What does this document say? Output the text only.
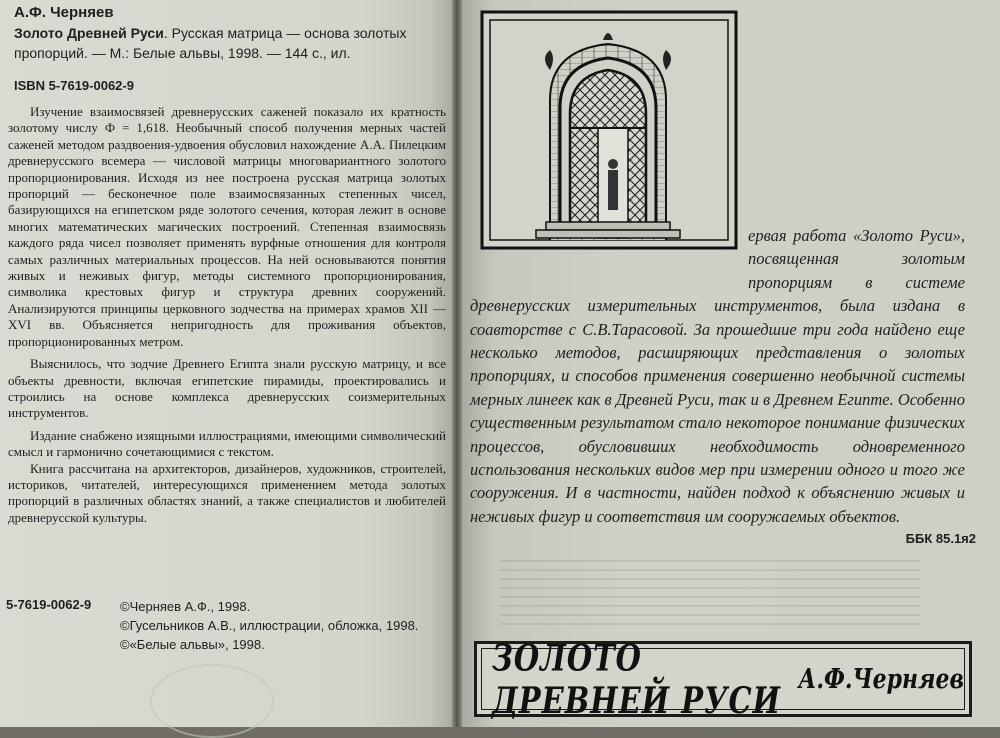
А.Ф. Черняев

Золото Древней Руси. Русская матрица — основа золотых пропорций. — М.: Белые альвы, 1998. — 144 с., ил.

ISBN 5-7619-0062-9

Изучение взаимосвязей древнерусских саженей показало их кратность золотому числу Ф = 1,618. Необычный способ получения мерных частей саженей методом раздвоения-удвоения обусловил нахождение А.А. Пилецким древнерусского всемера — числовой матрицы многовариантного золотого пропорционирования. Исходя из нее построена русская матрица золотых пропорций — бесконечное поле взаимосвязанных степенных чисел, базирующихся на египетском ряде золотого сечения, которая лежит в основе многих математических магических построений. Степенная взаимосвязь каждого ряда чисел позволяет применять вурфные отношения для контроля самых различных материальных процессов. На ней основываются понятия живых и неживых фигур, методы системного пропорционирования, символика крестовых фигур и структура древних сооружений. Анализируются принципы церковного зодчества на примерах храмов XII — XVI вв. Объясняется непригодность для проживания объектов, пропорционированных метром.

Выяснилось, что зодчие Древнего Египта знали русскую матрицу, и все объекты древности, включая египетские пирамиды, проектировались и строились на основе комплекса древнерусских соизмерительных инструментов.

Издание снабжено изящными иллюстрациями, имеющими символический смысл и гармонично сочетающимися с текстом.

Книга рассчитана на архитекторов, дизайнеров, художников, строителей, историков, читателей, интересующихся применением метода золотых пропорций в различных областях знаний, а также специалистов и любителей древнерусской культуры.

ББК 85.1я2

5-7619-0062-9 ©Черняев А.Ф., 1998.
©Гусельников А.В., иллюстрации, обложка, 1998.
©«Белые альвы», 1998.

ервая работа «Золото Руси», посвященная золотым пропорциям в системе древнерусских измерительных инструментов, была издана в соавторстве с С.В.Тарасовой. За прошедшие три года найдено еще несколько методов, расширяющих представления о золотых пропорциях, и способов применения совершенно необычной системы мерных линеек как в Древней Руси, так и в Древнем Египте. Особенно существенным результатом стало некоторое понимание физических процессов, обусловивших необходимость одновременного использования нескольких видов мер при измерении одного и того же сооружения. И в частности, найден подход к объяснению живых и неживых фигур и соответствия им сооружаемых объектов.

ЗОЛОТО ДРЕВНЕЙ РУСИ А.Ф.Черняев
